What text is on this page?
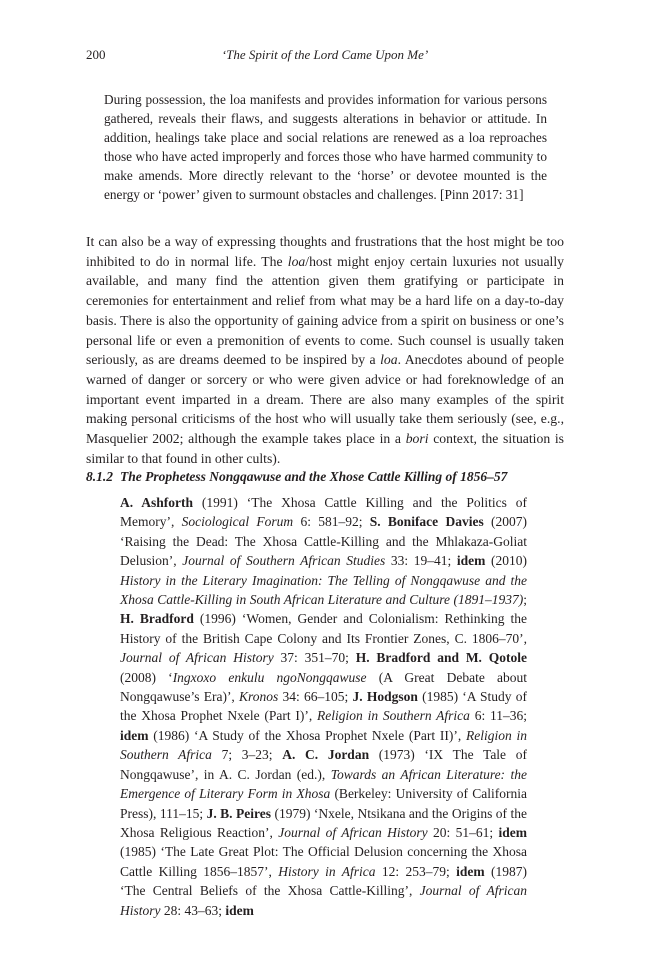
200	‘The Spirit of the Lord Came Upon Me’

During possession, the loa manifests and provides information for various persons gathered, reveals their flaws, and suggests alterations in behavior or attitude. In addition, healings take place and social relations are renewed as a loa reproaches those who have acted improperly and forces those who have harmed community to make amends. More directly relevant to the ‘horse’ or devotee mounted is the energy or ‘power’ given to surmount obstacles and challenges. [Pinn 2017: 31]

It can also be a way of expressing thoughts and frustrations that the host might be too inhibited to do in normal life. The loa/host might enjoy certain luxuries not usually available, and many find the attention given them gratifying or participate in ceremonies for entertainment and relief from what may be a hard life on a day-to-day basis. There is also the opportunity of gaining advice from a spirit on business or one’s personal life or even a premonition of events to come. Such counsel is usually taken seriously, as are dreams deemed to be inspired by a loa. Anecdotes abound of people warned of danger or sorcery or who were given advice or had foreknowledge of an important event imparted in a dream. There are also many examples of the spirit making personal criticisms of the host who will usually take them seriously (see, e.g., Masquelier 2002; although the example takes place in a bori context, the situation is similar to that found in other cults).

8.1.2 The Prophetess Nongqawuse and the Xhose Cattle Killing of 1856–57

A. Ashforth (1991) ‘The Xhosa Cattle Killing and the Politics of Memory’, Sociological Forum 6: 581–92; S. Boniface Davies (2007) ‘Raising the Dead: The Xhosa Cattle-Killing and the Mhlakaza-Goliat Delusion’, Journal of Southern African Studies 33: 19–41; idem (2010) History in the Literary Imagination: The Telling of Nongqawuse and the Xhosa Cattle-Killing in South African Literature and Culture (1891–1937); H. Bradford (1996) ‘Women, Gender and Colonialism: Rethinking the History of the British Cape Colony and Its Frontier Zones, C. 1806–70’, Journal of African History 37: 351–70; H. Bradford and M. Qotole (2008) ‘Ingxoxo enkulu ngoNongqawuse (A Great Debate about Nongqawuse’s Era)’, Kronos 34: 66–105; J. Hodgson (1985) ‘A Study of the Xhosa Prophet Nxele (Part I)’, Religion in Southern Africa 6: 11–36; idem (1986) ‘A Study of the Xhosa Prophet Nxele (Part II)’, Religion in Southern Africa 7; 3–23; A. C. Jordan (1973) ‘IX The Tale of Nongqawuse’, in A. C. Jordan (ed.), Towards an African Literature: the Emergence of Literary Form in Xhosa (Berkeley: University of California Press), 111–15; J. B. Peires (1979) ‘Nxele, Ntsikana and the Origins of the Xhosa Religious Reaction’, Journal of African History 20: 51–61; idem (1985) ‘The Late Great Plot: The Official Delusion concerning the Xhosa Cattle Killing 1856–1857’, History in Africa 12: 253–79; idem (1987) ‘The Central Beliefs of the Xhosa Cattle-Killing’, Journal of African History 28: 43–63; idem
